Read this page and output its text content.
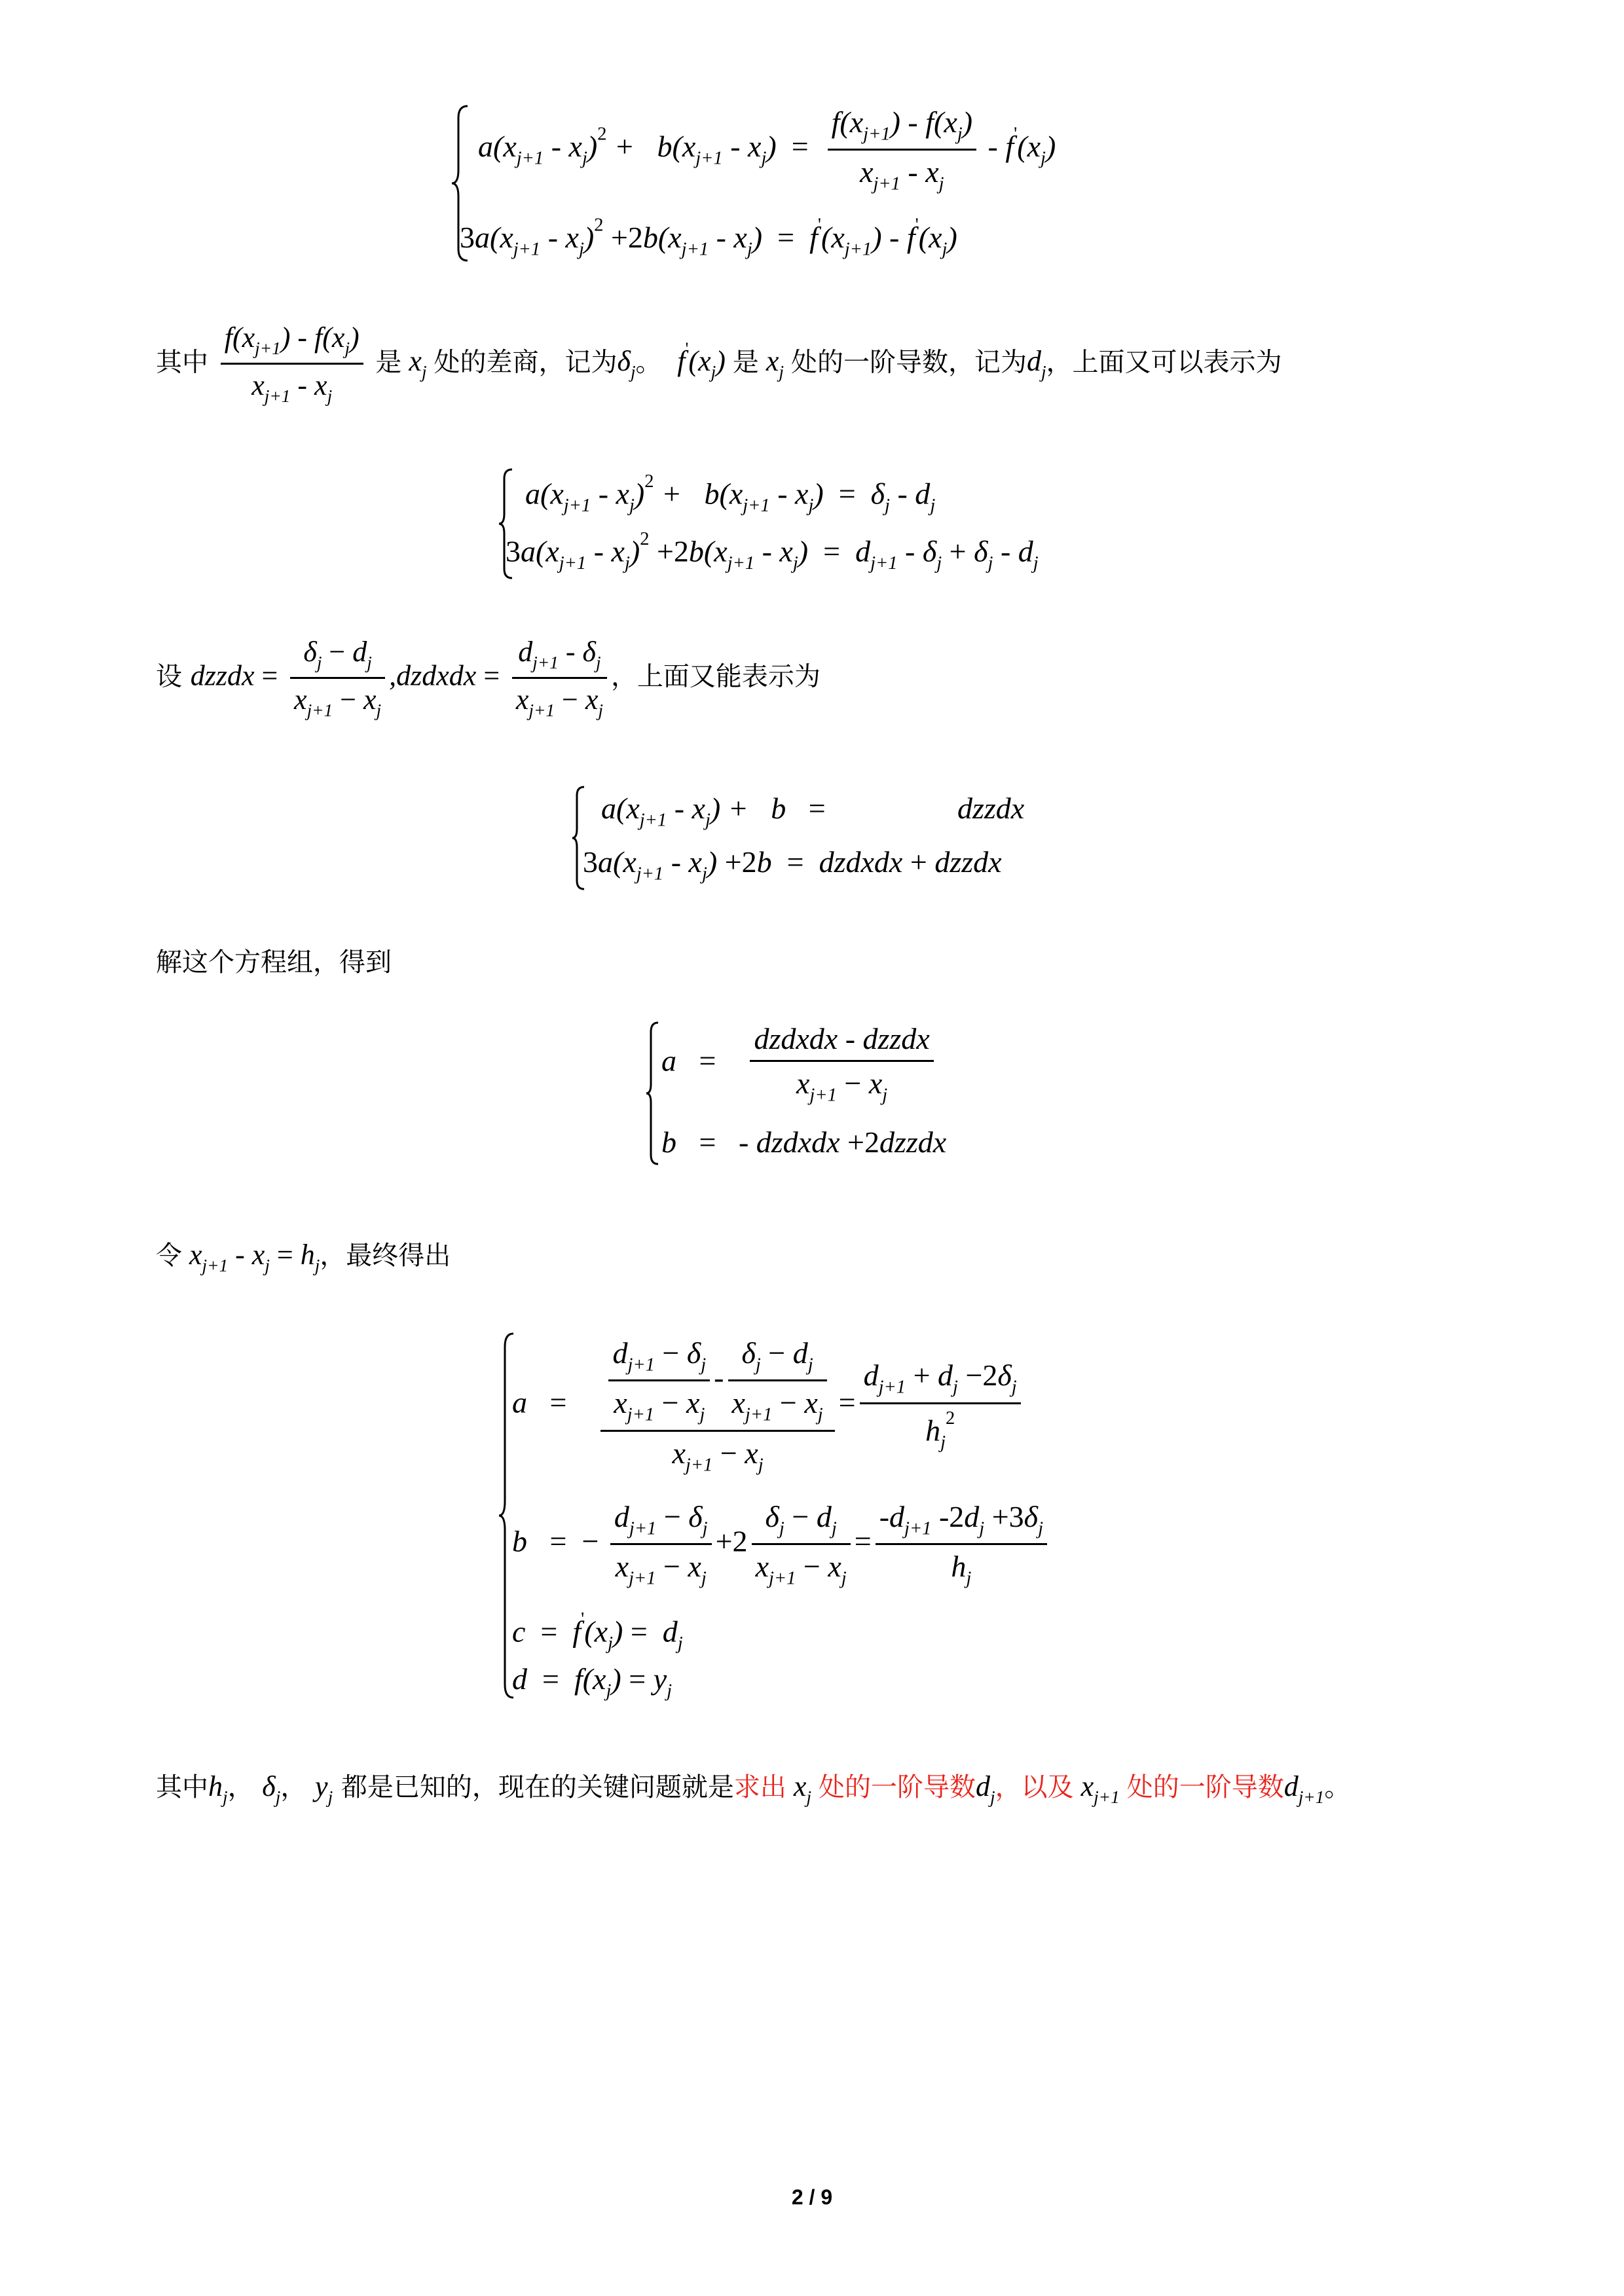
$a(x_{j+1} - x_j)^2 + b(x_{j+1} - x_j) = \frac{f(x_{j+1}) - f(x_j)}{x_{j+1} - x_j} - f'(x_j)$
$3a(x_{j+1} - x_j)^2 +2b(x_{j+1} - x_j) = f'(x_{j+1}) - f'(x_j)$
其中 $\frac{f(x_{j+1}) - f(x_j)}{x_{j+1} - x_j}$ 是 $x_j$ 处的差商，记为$\delta_j$。  $f'(x_j)$ 是 $x_j$ 处的一阶导数，记为$d_j$，上面又可以表示为
$a(x_{j+1} - x_j)^2 + b(x_{j+1} - x_j) = \delta_j - d_j$
$3a(x_{j+1} - x_j)^2 +2b(x_{j+1} - x_j) = d_{j+1} - \delta_j + \delta_j - d_j$
设 dzzdx = $\frac{\delta_j - d_j}{x_{j+1} - x_j}$ ,dzdxdx = $\frac{d_{j+1} - \delta_j}{x_{j+1} - x_j}$ ，上面又能表示为
$a(x_{j+1} - x_j) + b$   =	dzzdx
$3a(x_{j+1} - x_j) +2b$  =  dzdxdx + dzzdx
解这个方程组，得到
$a = \frac{\text{dzdxdx - dzzdx}}{x_{j+1} - x_j}$
b   =   - dzdxdx +2dzzdx
令 $x_{j+1} - x_j = h_j$，最终得出
$a = \frac{\frac{d_{j+1} - \delta_j}{x_{j+1} - x_j} - \frac{\delta_j - d_j}{x_{j+1} - x_j}}{x_{j+1} - x_j} = \frac{d_{j+1} + d_j -2\delta_j}{h_j^2}$
b   =  − $\frac{d_{j+1} - \delta_j}{x_{j+1} - x_j} +2 \frac{\delta_j - d_j}{x_{j+1} - x_j} = \frac{-d_{j+1} -2d_j +3\delta_j}{h_j}$
$c = f'(x_j) = d_j$
$d = f(x_j) = y_j$
其中$h_j$， $\delta_j$， $y_j$ 都是已知的，现在的关键问题就是求出 $x_j$ 处的一阶导数$d_j$，以及 $x_{j+1}$ 处的一阶导数$d_{j+1}$。
2 / 9
